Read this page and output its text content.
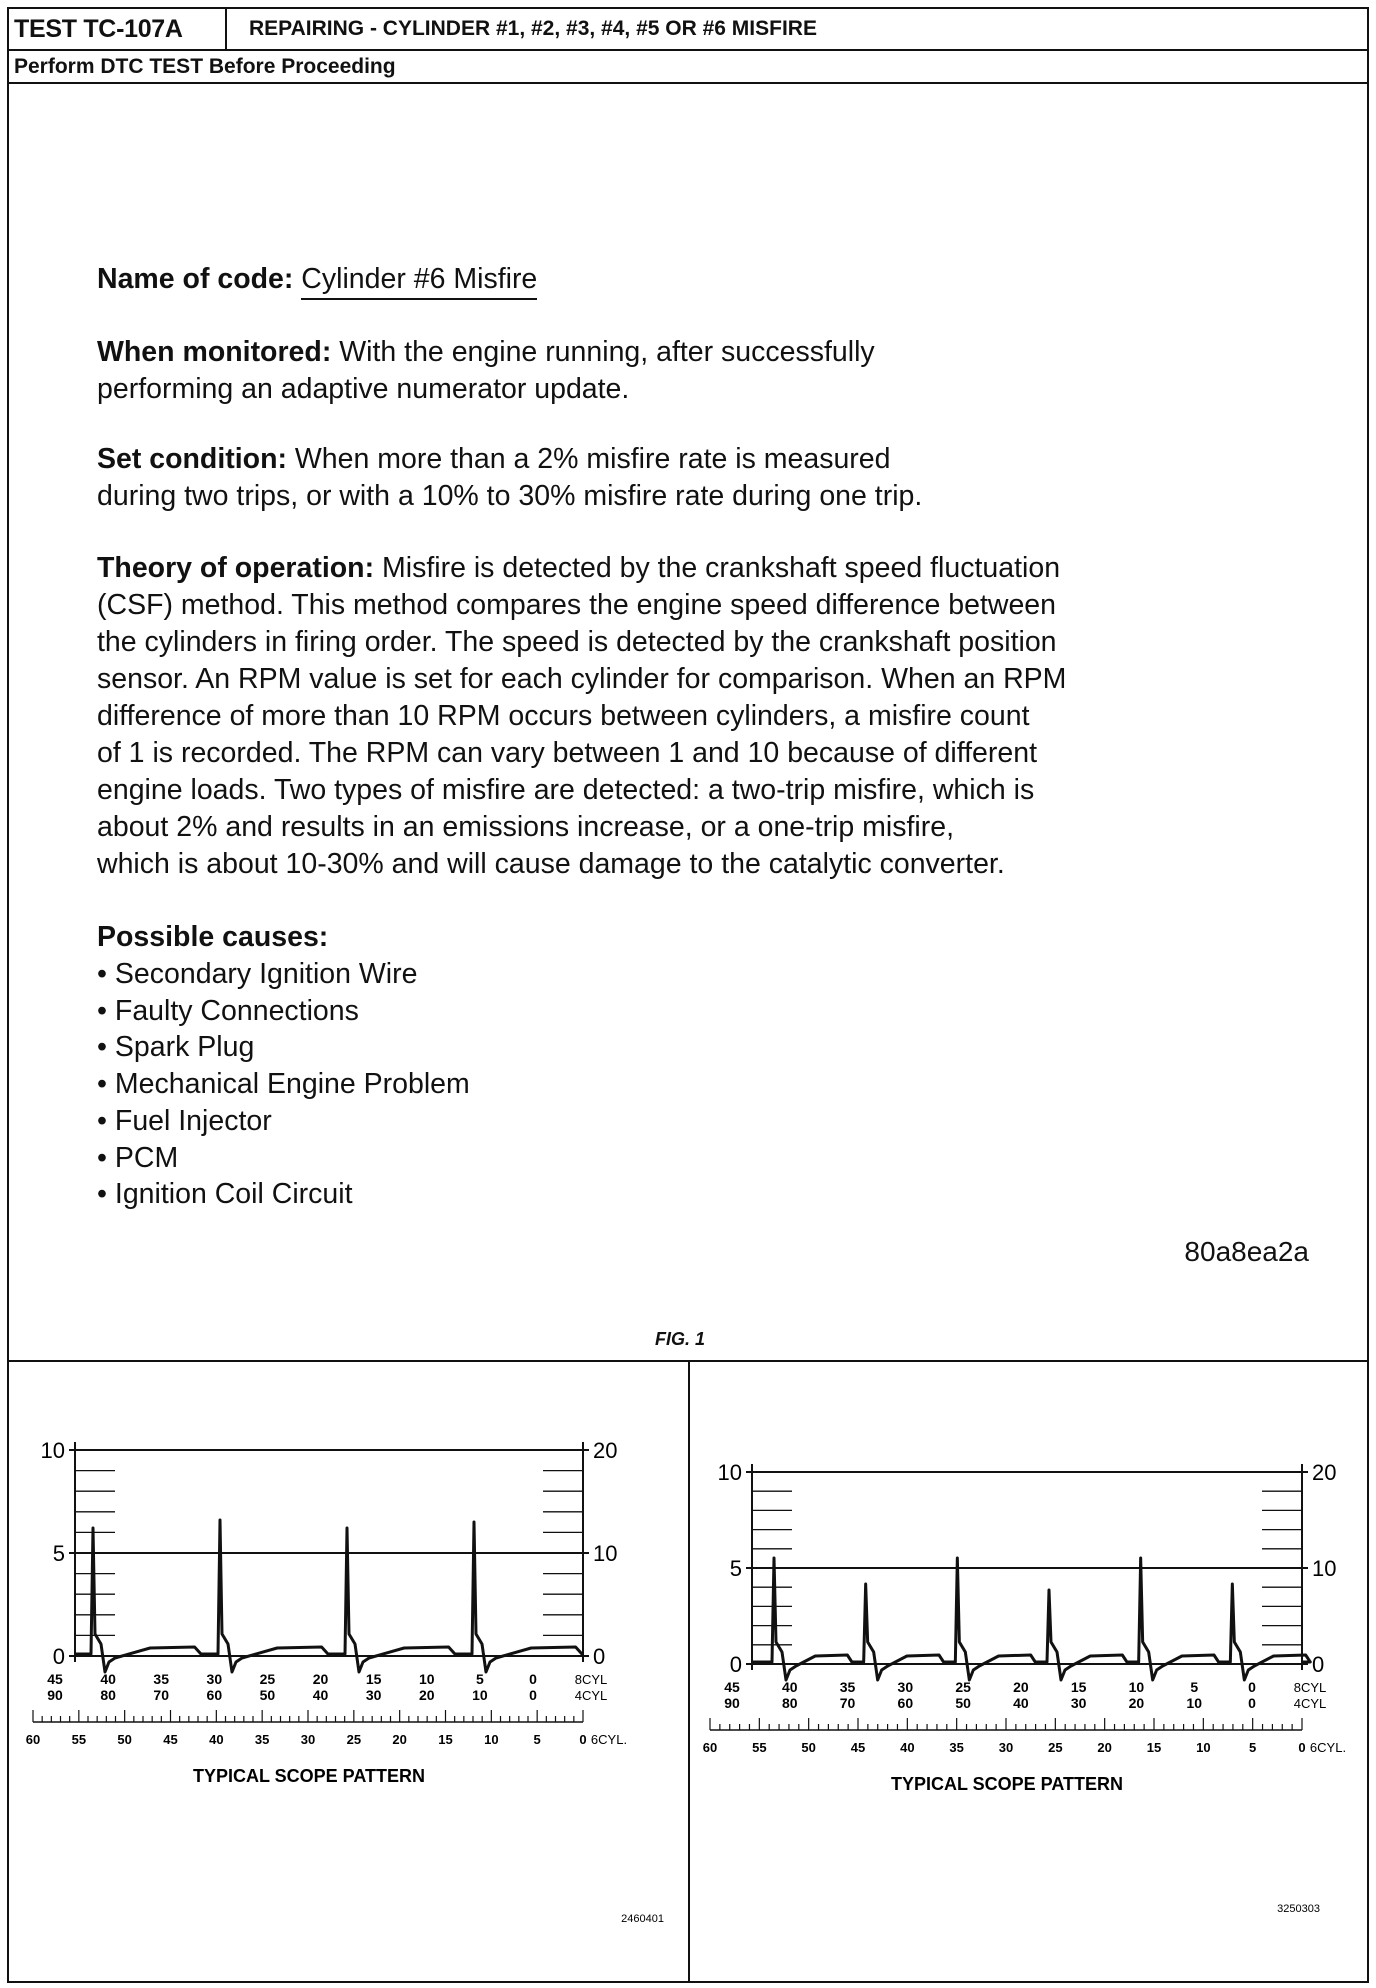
TEST TC-107A	REPAIRING - CYLINDER #1, #2, #3, #4, #5 OR #6 MISFIRE
Perform DTC TEST Before Proceeding
Name of code: Cylinder #6 Misfire
When monitored: With the engine running, after successfully
performing an adaptive numerator update.
Set condition: When more than a 2% misfire rate is measured
during two trips, or with a 10% to 30% misfire rate during one trip.
Theory of operation: Misfire is detected by the crankshaft speed fluctuation
(CSF) method. This method compares the engine speed difference between
the cylinders in firing order. The speed is detected by the crankshaft position
sensor. An RPM value is set for each cylinder for comparison. When an RPM
difference of more than 10 RPM occurs between cylinders, a misfire count
of 1 is recorded. The RPM can vary between 1 and 10 because of different
engine loads. Two types of misfire are detected: a two-trip misfire, which is
about 2% and results in an emissions increase, or a one-trip misfire,
which is about 10-30% and will cause damage to the catalytic converter.
Possible causes:
• Secondary Ignition Wire
• Faulty Connections
• Spark Plug
• Mechanical Engine Problem
• Fuel Injector
• PCM
• Ignition Coil Circuit
80a8ea2a
FIG. 1
10	20
5	10
0	0
45
90
40
80
35
70
30
60
25
50
20
40
15
30
10
20
5
10
0
0
8CYL
4CYL
60 55 50 45 40 35 30 25 20 15 10	5	0 6CYL.
TYPICAL SCOPE PATTERN
2460401
10	20
5	10
0	0
45
90
40
80
35
70
30
60
25
50
20
40
15
30
10
20
5
10
0
0
8CYL
4CYL
60	55	50	45	40	35	30	25	20	15	10	5	0 6CYL.
TYPICAL SCOPE PATTERN
3250303
